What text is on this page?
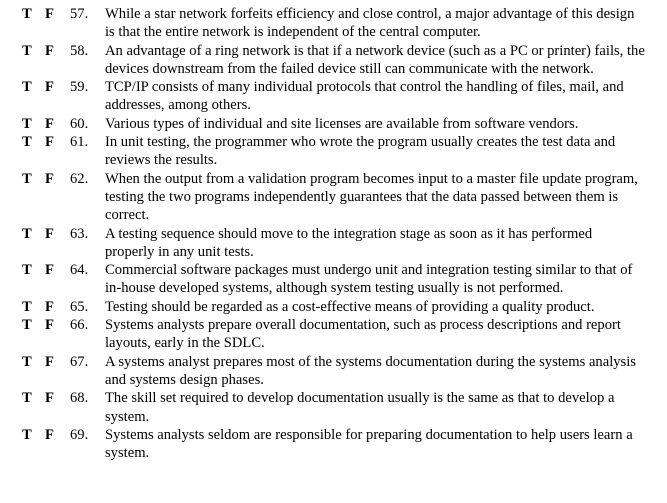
T F 57.	While a star network forfeits efficiency and close control, a major advantage of this design is that the entire network is independent of the central computer.
T F 58.	An advantage of a ring network is that if a network device (such as a PC or printer) fails, the devices downstream from the failed device still can communicate with the network.
T F 59.	TCP/IP consists of many individual protocols that control the handling of files, mail, and addresses, among others.
T F 60.	Various types of individual and site licenses are available from software vendors.
T F 61.	In unit testing, the programmer who wrote the program usually creates the test data and reviews the results.
T F 62.	When the output from a validation program becomes input to a master file update program, testing the two programs independently guarantees that the data passed between them is correct.
T F 63.	A testing sequence should move to the integration stage as soon as it has performed properly in any unit tests.
T F 64.	Commercial software packages must undergo unit and integration testing similar to that of in-house developed systems, although system testing usually is not performed.
T F 65.	Testing should be regarded as a cost-effective means of providing a quality product.
T F 66.	Systems analysts prepare overall documentation, such as process descriptions and report layouts, early in the SDLC.
T F 67.	A systems analyst prepares most of the systems documentation during the systems analysis and systems design phases.
T F 68.	The skill set required to develop documentation usually is the same as that to develop a system.
T F 69.	Systems analysts seldom are responsible for preparing documentation to help users learn a system.
